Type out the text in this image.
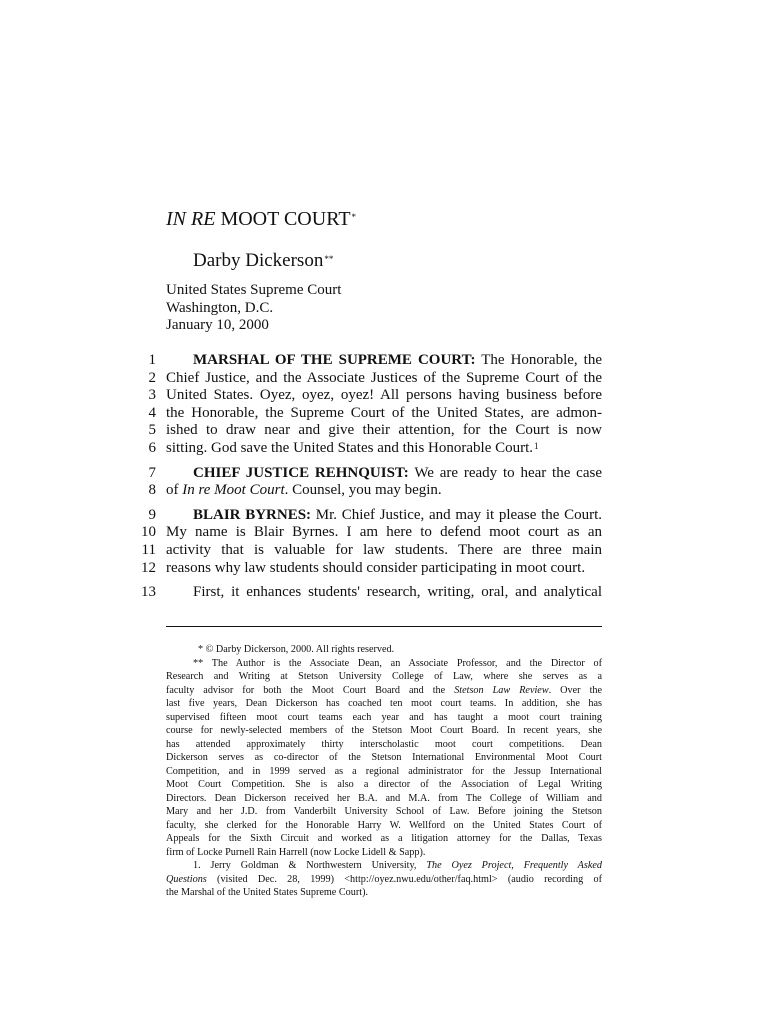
IN RE MOOT COURT*
Darby Dickerson**
United States Supreme Court
Washington, D.C.
January 10, 2000
1
2
3
4
5
6
MARSHAL OF THE SUPREME COURT: The Honorable, the
Chief Justice, and the Associate Justices of the Supreme Court of the
United States. Oyez, oyez, oyez! All persons having business before
the Honorable, the Supreme Court of the United States, are admon-
ished to draw near and give their attention, for the Court is now
sitting. God save the United States and this Honorable Court.$^1$
7
8
CHIEF JUSTICE REHNQUIST: We are ready to hear the case
of In re Moot Court. Counsel, you may begin.
9
10
11
12
BLAIR BYRNES: Mr. Chief Justice, and may it please the Court.
My name is Blair Byrnes. I am here to defend moot court as an
activity that is valuable for law students. There are three main
reasons why law students should consider participating in moot court.
13	First, it enhances students' research, writing, oral, and analytical
* © Darby Dickerson, 2000. All rights reserved.
** The Author is the Associate Dean, an Associate Professor, and the Director of
Research and Writing at Stetson University College of Law, where she serves as a
faculty advisor for both the Moot Court Board and the Stetson Law Review. Over the
last five years, Dean Dickerson has coached ten moot court teams. In addition, she has
supervised fifteen moot court teams each year and has taught a moot court training
course for newly-selected members of the Stetson Moot Court Board. In recent years, she
has attended approximately thirty interscholastic moot court competitions. Dean
Dickerson serves as co-director of the Stetson International Environmental Moot Court
Competition, and in 1999 served as a regional administrator for the Jessup International
Moot Court Competition. She is also a director of the Association of Legal Writing
Directors. Dean Dickerson received her B.A. and M.A. from The College of William and
Mary and her J.D. from Vanderbilt University School of Law. Before joining the Stetson
faculty, she clerked for the Honorable Harry W. Wellford on the United States Court of
Appeals for the Sixth Circuit and worked as a litigation attorney for the Dallas, Texas
firm of Locke Purnell Rain Harrell (now Locke Lidell & Sapp).
1. Jerry Goldman & Northwestern University, The Oyez Project, Frequently Asked
Questions (visited Dec. 28, 1999) <http://oyez.nwu.edu/other/faq.html> (audio recording of
the Marshal of the United States Supreme Court).
